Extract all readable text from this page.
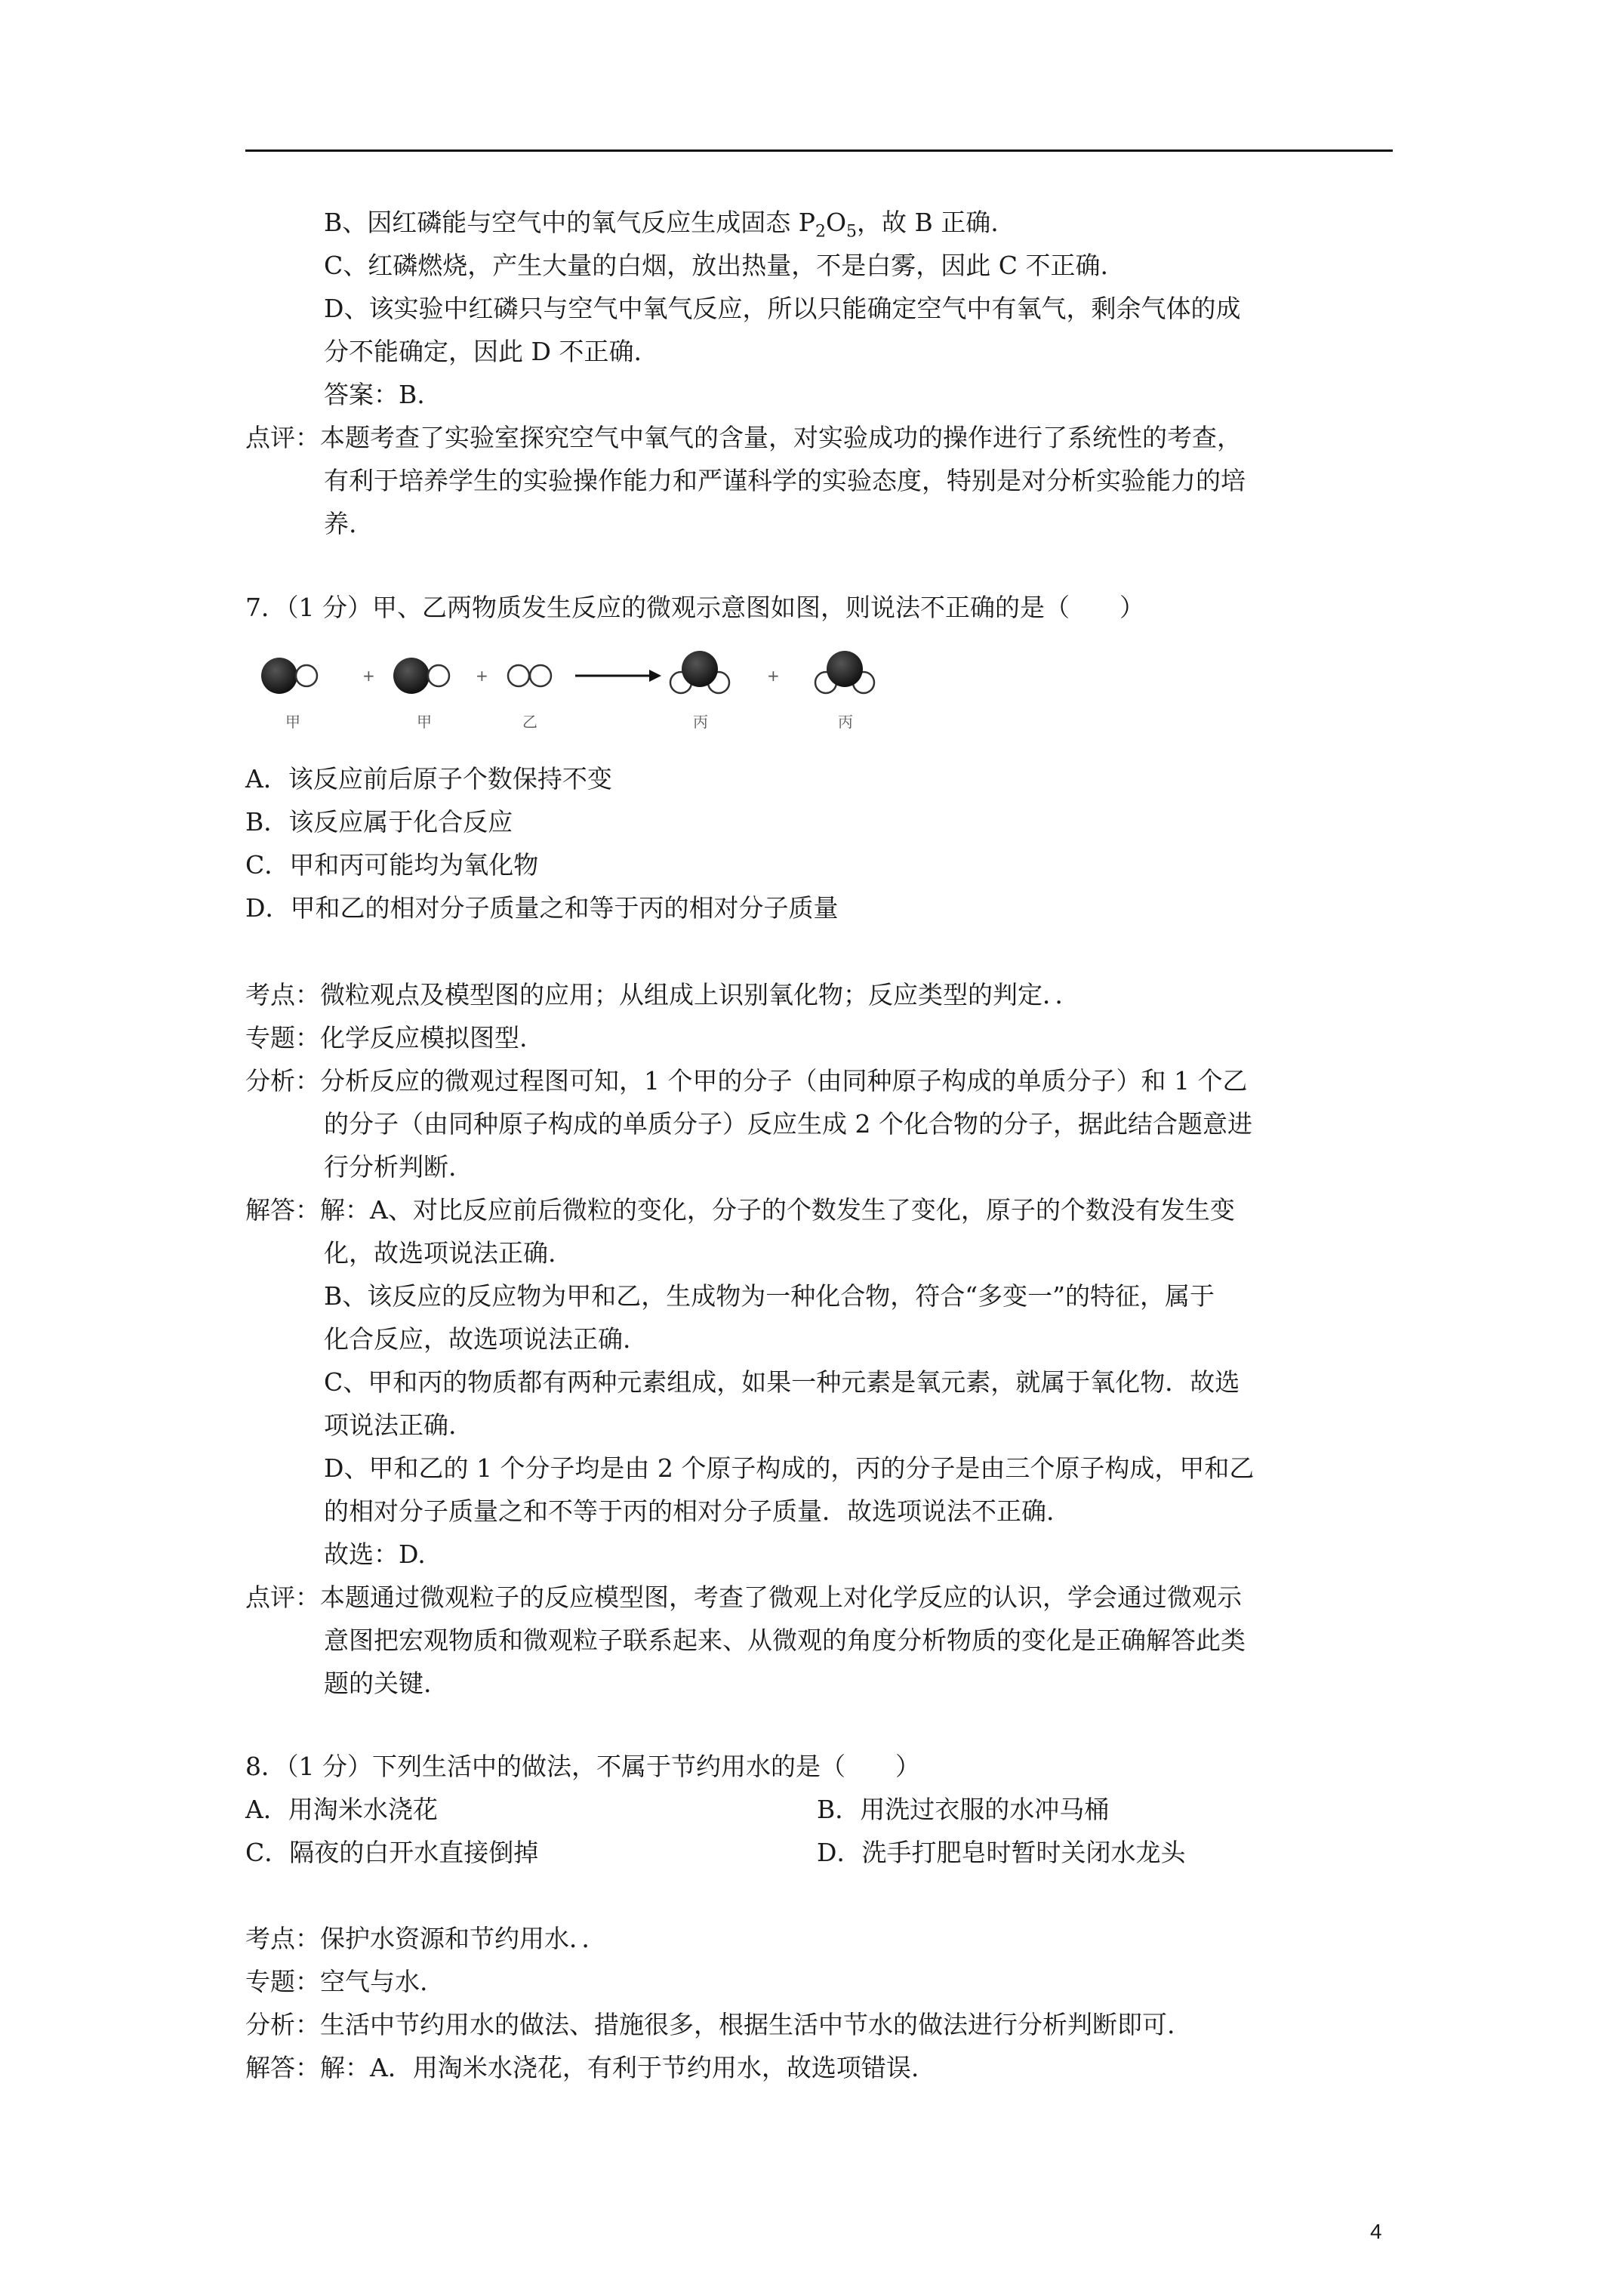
B、因红磷能与空气中的氧气反应生成固态 $P_2O_5$，故 B 正确.
C、红磷燃烧，产生大量的白烟，放出热量，不是白雾，因此 C 不正确.
D、该实验中红磷只与空气中氧气反应，所以只能确定空气中有氧气，剩余气体的成
分不能确定，因此 D 不正确.
答案：B.
点评：本题考查了实验室探究空气中氧气的含量，对实验成功的操作进行了系统性的考查，
有利于培养学生的实验操作能力和严谨科学的实验态度，特别是对分析实验能力的培
养.
7．（1 分）甲、乙两物质发生反应的微观示意图如图，则说法不正确的是（　　）
+	+	+
甲	甲	乙	丙	丙
A．该反应前后原子个数保持不变
B．该反应属于化合反应
C．甲和丙可能均为氧化物
D．甲和乙的相对分子质量之和等于丙的相对分子质量
考点：微粒观点及模型图的应用；从组成上识别氧化物；反应类型的判定．．
专题：化学反应模拟图型.
分析：分析反应的微观过程图可知，1 个甲的分子（由同种原子构成的单质分子）和 1 个乙
的分子（由同种原子构成的单质分子）反应生成 2 个化合物的分子，据此结合题意进
行分析判断.
解答：解：A、对比反应前后微粒的变化，分子的个数发生了变化，原子的个数没有发生变
化，故选项说法正确.
B、该反应的反应物为甲和乙，生成物为一种化合物，符合“多变一”的特征，属于
化合反应，故选项说法正确.
C、甲和丙的物质都有两种元素组成，如果一种元素是氧元素，就属于氧化物．故选
项说法正确.
D、甲和乙的 1 个分子均是由 2 个原子构成的，丙的分子是由三个原子构成，甲和乙
的相对分子质量之和不等于丙的相对分子质量．故选项说法不正确.
故选：D.
点评：本题通过微观粒子的反应模型图，考查了微观上对化学反应的认识，学会通过微观示
意图把宏观物质和微观粒子联系起来、从微观的角度分析物质的变化是正确解答此类
题的关键.
8．（1 分）下列生活中的做法，不属于节约用水的是（　　）
A．用淘米水浇花	B．用洗过衣服的水冲马桶
C．隔夜的白开水直接倒掉	D．洗手打肥皂时暂时关闭水龙头
考点：保护水资源和节约用水．．
专题：空气与水.
分析：生活中节约用水的做法、措施很多，根据生活中节水的做法进行分析判断即可.
解答：解：A．用淘米水浇花，有利于节约用水，故选项错误.
4
